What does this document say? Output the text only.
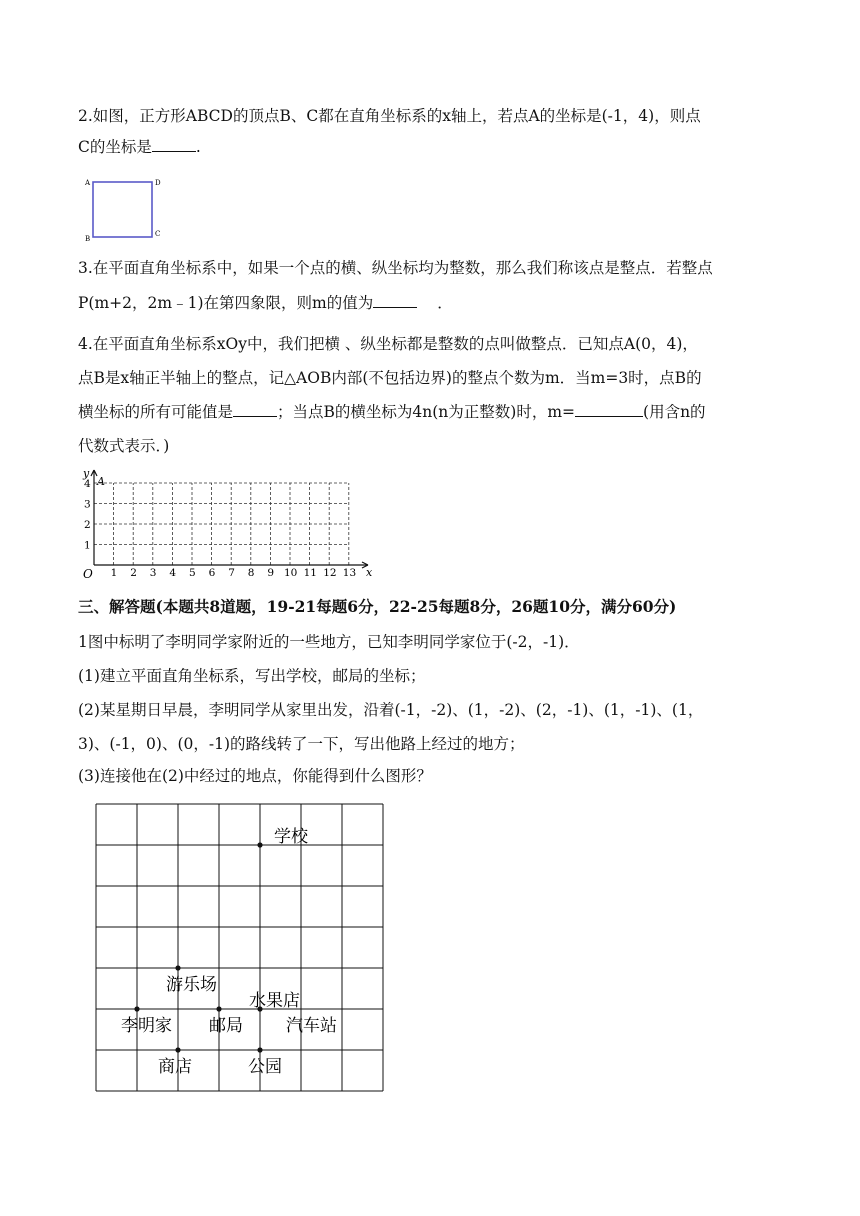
2.如图，正方形ABCD的顶点B、C都在直角坐标系的x轴上，若点A的坐标是(-1，4)，则点
C的坐标是	.
A	D
B
C
3.在平面直角坐标系中，如果一个点的横、纵坐标均为整数，那么我们称该点是整点．若整点
P(m+2，2m﹣1)在第四象限，则m的值为	．
4.在平面直角坐标系xOy中，我们把横 、纵坐标都是整数的点叫做整点．已知点A(0，4)，
点B是x轴正半轴上的整点，记△AOB内部(不包括边界)的整点个数为m．当m=3时，点B的
横坐标的所有可能值是	；当点B的横坐标为4n(n为正整数)时，m=	(用含n的
代数式表示．)
y
A
x
O 1 2 3 4 5 6 7 8 9 10 11 12 13
1
2
3
4
三、解答题(本题共8道题，19-21每题6分，22-25每题8分，26题10分，满分60分)
1图中标明了李明同学家附近的一些地方，已知李明同学家位于(-2，-1)．
(1)建立平面直角坐标系，写出学校，邮局的坐标；
(2)某星期日早晨，李明同学从家里出发，沿着(-1，-2)、(1，-2)、(2，-1)、(1，-1)、(1，
3)、(-1，0)、(0，-1)的路线转了一下，写出他路上经过的地方；
(3)连接他在(2)中经过的地点，你能得到什么图形？
学校
游乐场
水果店
李明家 邮局	汽车站
商店	公园
